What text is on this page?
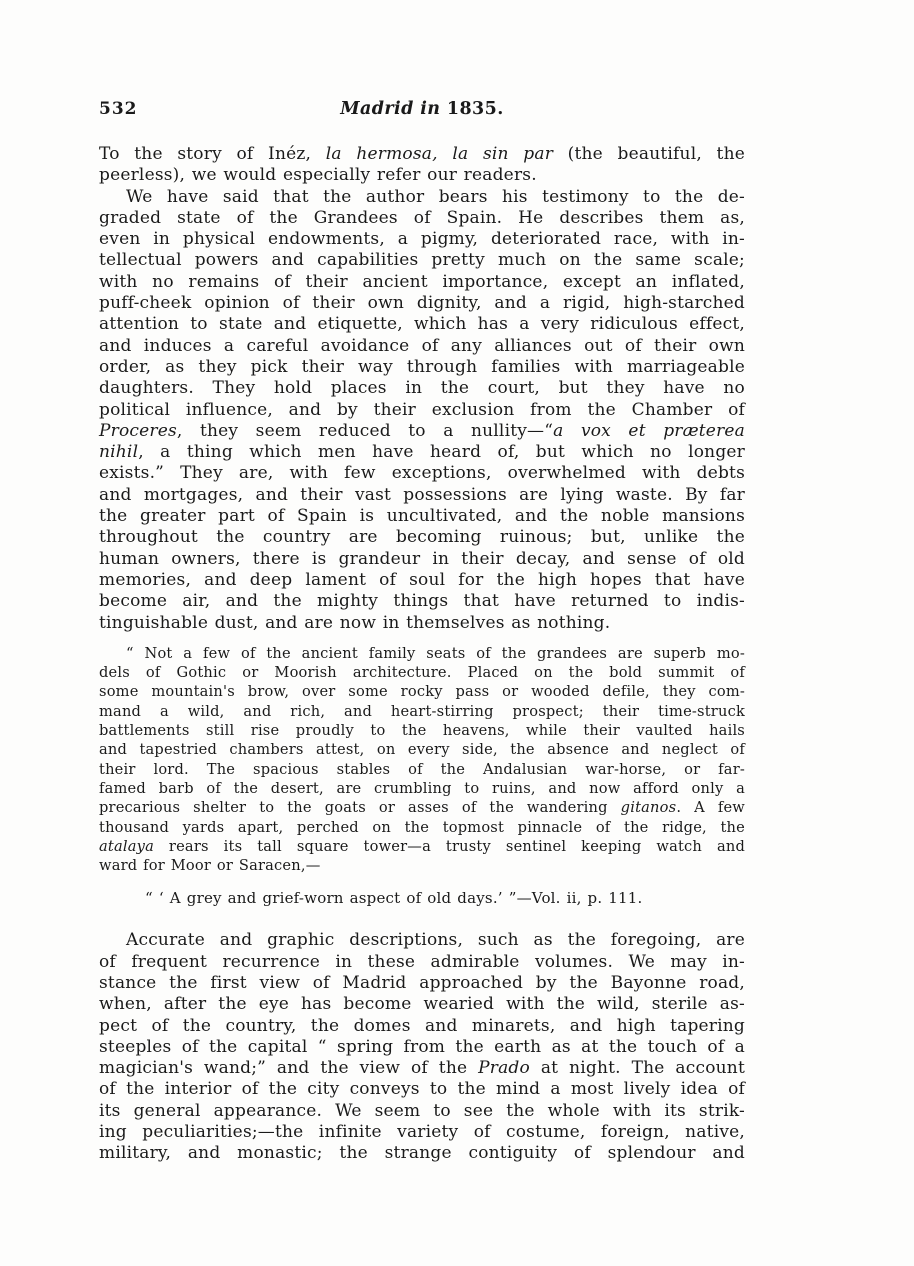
532	Madrid in 1835.
To the story of Inéz, la hermosa, la sin par (the beautiful, the
peerless), we would especially refer our readers.
We have said that the author bears his testimony to the de-
graded state of the Grandees of Spain. He describes them as,
even in physical endowments, a pigmy, deteriorated race, with in-
tellectual powers and capabilities pretty much on the same scale;
with no remains of their ancient importance, except an inflated,
puff-cheek opinion of their own dignity, and a rigid, high-starched
attention to state and etiquette, which has a very ridiculous effect,
and induces a careful avoidance of any alliances out of their own
order, as they pick their way through families with marriageable
daughters. They hold places in the court, but they have no
political influence, and by their exclusion from the Chamber of
Proceres, they seem reduced to a nullity—“a vox et præterea
nihil, a thing which men have heard of, but which no longer
exists.” They are, with few exceptions, overwhelmed with debts
and mortgages, and their vast possessions are lying waste. By far
the greater part of Spain is uncultivated, and the noble mansions
throughout the country are becoming ruinous; but, unlike the
human owners, there is grandeur in their decay, and sense of old
memories, and deep lament of soul for the high hopes that have
become air, and the mighty things that have returned to indis-
tinguishable dust, and are now in themselves as nothing.
“ Not a few of the ancient family seats of the grandees are superb mo-
dels of Gothic or Moorish architecture. Placed on the bold summit of
some mountain's brow, over some rocky pass or wooded defile, they com-
mand a wild, and rich, and heart-stirring prospect; their time-struck
battlements still rise proudly to the heavens, while their vaulted hails
and tapestried chambers attest, on every side, the absence and neglect of
their lord. The spacious stables of the Andalusian war-horse, or far-
famed barb of the desert, are crumbling to ruins, and now afford only a
precarious shelter to the goats or asses of the wandering gitanos. A few
thousand yards apart, perched on the topmost pinnacle of the ridge, the
atalaya rears its tall square tower—a trusty sentinel keeping watch and
ward for Moor or Saracen,—
“ ‘ A grey and grief-worn aspect of old days.’ ”—Vol. ii, p. 111.
Accurate and graphic descriptions, such as the foregoing, are
of frequent recurrence in these admirable volumes. We may in-
stance the first view of Madrid approached by the Bayonne road,
when, after the eye has become wearied with the wild, sterile as-
pect of the country, the domes and minarets, and high tapering
steeples of the capital “ spring from the earth as at the touch of a
magician's wand;” and the view of the Prado at night. The account
of the interior of the city conveys to the mind a most lively idea of
its general appearance. We seem to see the whole with its strik-
ing peculiarities;—the infinite variety of costume, foreign, native,
military, and monastic; the strange contiguity of splendour and
